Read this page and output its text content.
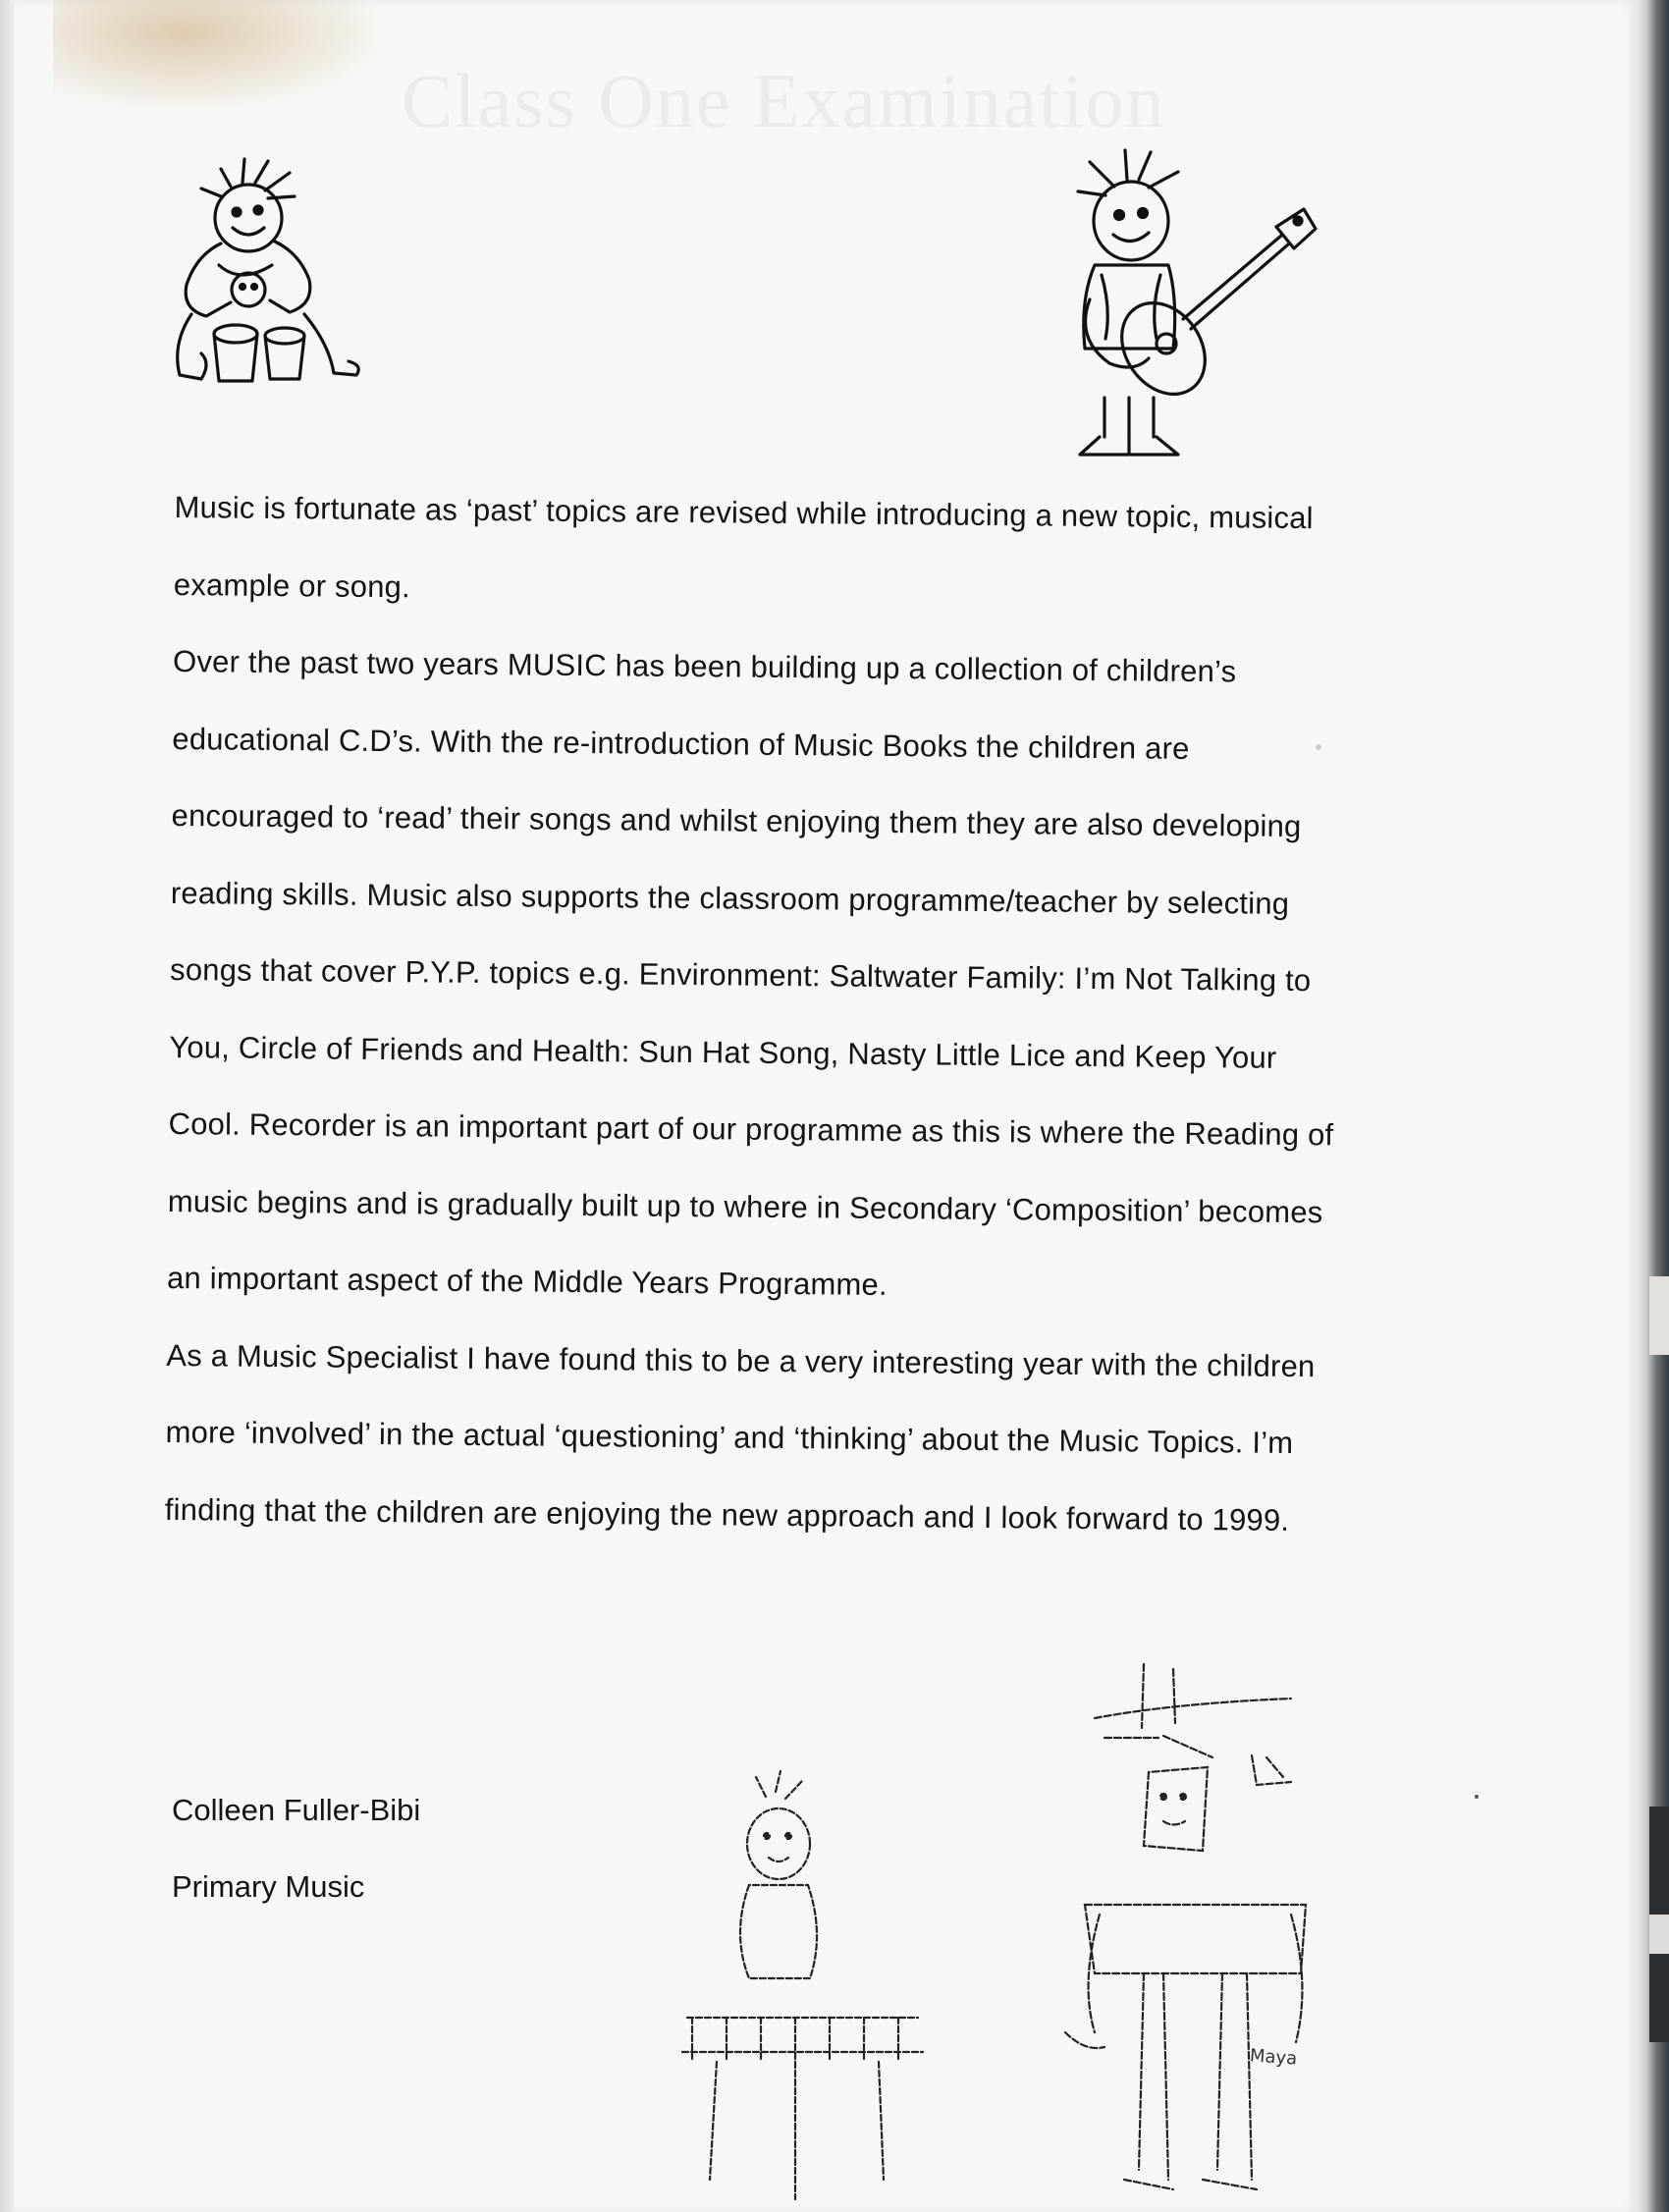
Class One Examination

Music is fortunate as ‘past’ topics are revised while introducing a new topic, musical example or song.

Over the past two years MUSIC has been building up a collection of children’s educational C.D’s. With the re-introduction of Music Books the children are encouraged to ‘read’ their songs and whilst enjoying them they are also developing reading skills. Music also supports the classroom programme/teacher by selecting songs that cover P.Y.P. topics e.g. Environment: Saltwater Family: I’m Not Talking to You, Circle of Friends and Health: Sun Hat Song, Nasty Little Lice and Keep Your Cool. Recorder is an important part of our programme as this is where the Reading of music begins and is gradually built up to where in Secondary ‘Composition’ becomes an important aspect of the Middle Years Programme.

As a Music Specialist I have found this to be a very interesting year with the children more ‘involved’ in the actual ‘questioning’ and ‘thinking’ about the Music Topics. I’m finding that the children are enjoying the new approach and I look forward to 1999.

Colleen Fuller-Bibi
Primary Music
Maya
